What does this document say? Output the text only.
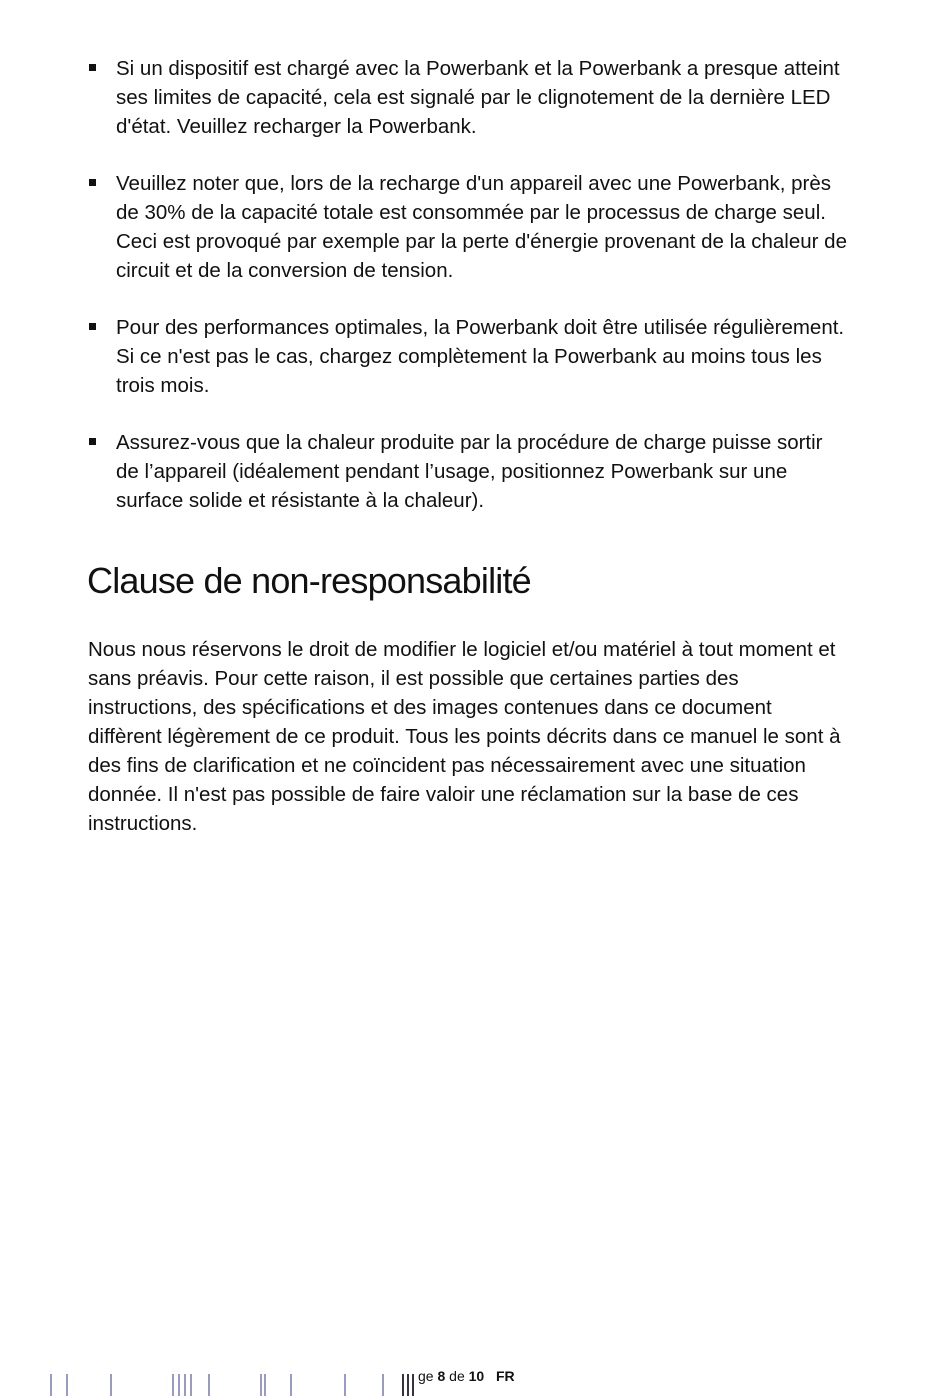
Si un dispositif est chargé avec la Powerbank et la Powerbank a presque atteint ses limites de capacité, cela est signalé par le clignotement de la dernière LED d'état. Veuillez recharger la Powerbank.
Veuillez noter que, lors de la recharge d'un appareil avec une Powerbank, près de 30% de la capacité totale est consommée par le processus de charge seul. Ceci est provoqué par exemple par la perte d'énergie provenant de la chaleur de circuit et de la conversion de tension.
Pour des performances optimales, la Powerbank doit être utilisée régulièrement. Si ce n'est pas le cas, chargez complètement la Powerbank au moins tous les trois mois.
Assurez-vous que la chaleur produite par la procédure de charge puisse sortir de l’appareil (idéalement pendant l’usage, positionnez Powerbank sur une surface solide et résistante à la chaleur).
Clause de non-responsabilité

Nous nous réservons le droit de modifier le logiciel et/ou matériel à tout moment et sans préavis. Pour cette raison, il est possible que certaines parties des instructions, des spécifications et des images contenues dans ce document diffèrent légèrement de ce produit. Tous les points décrits dans ce manuel le sont à des fins de clarification et ne coïncident pas nécessairement avec une situation donnée. Il n'est pas possible de faire valoir une réclamation sur la base de ces instructions.

ge 8 de 10 FR
